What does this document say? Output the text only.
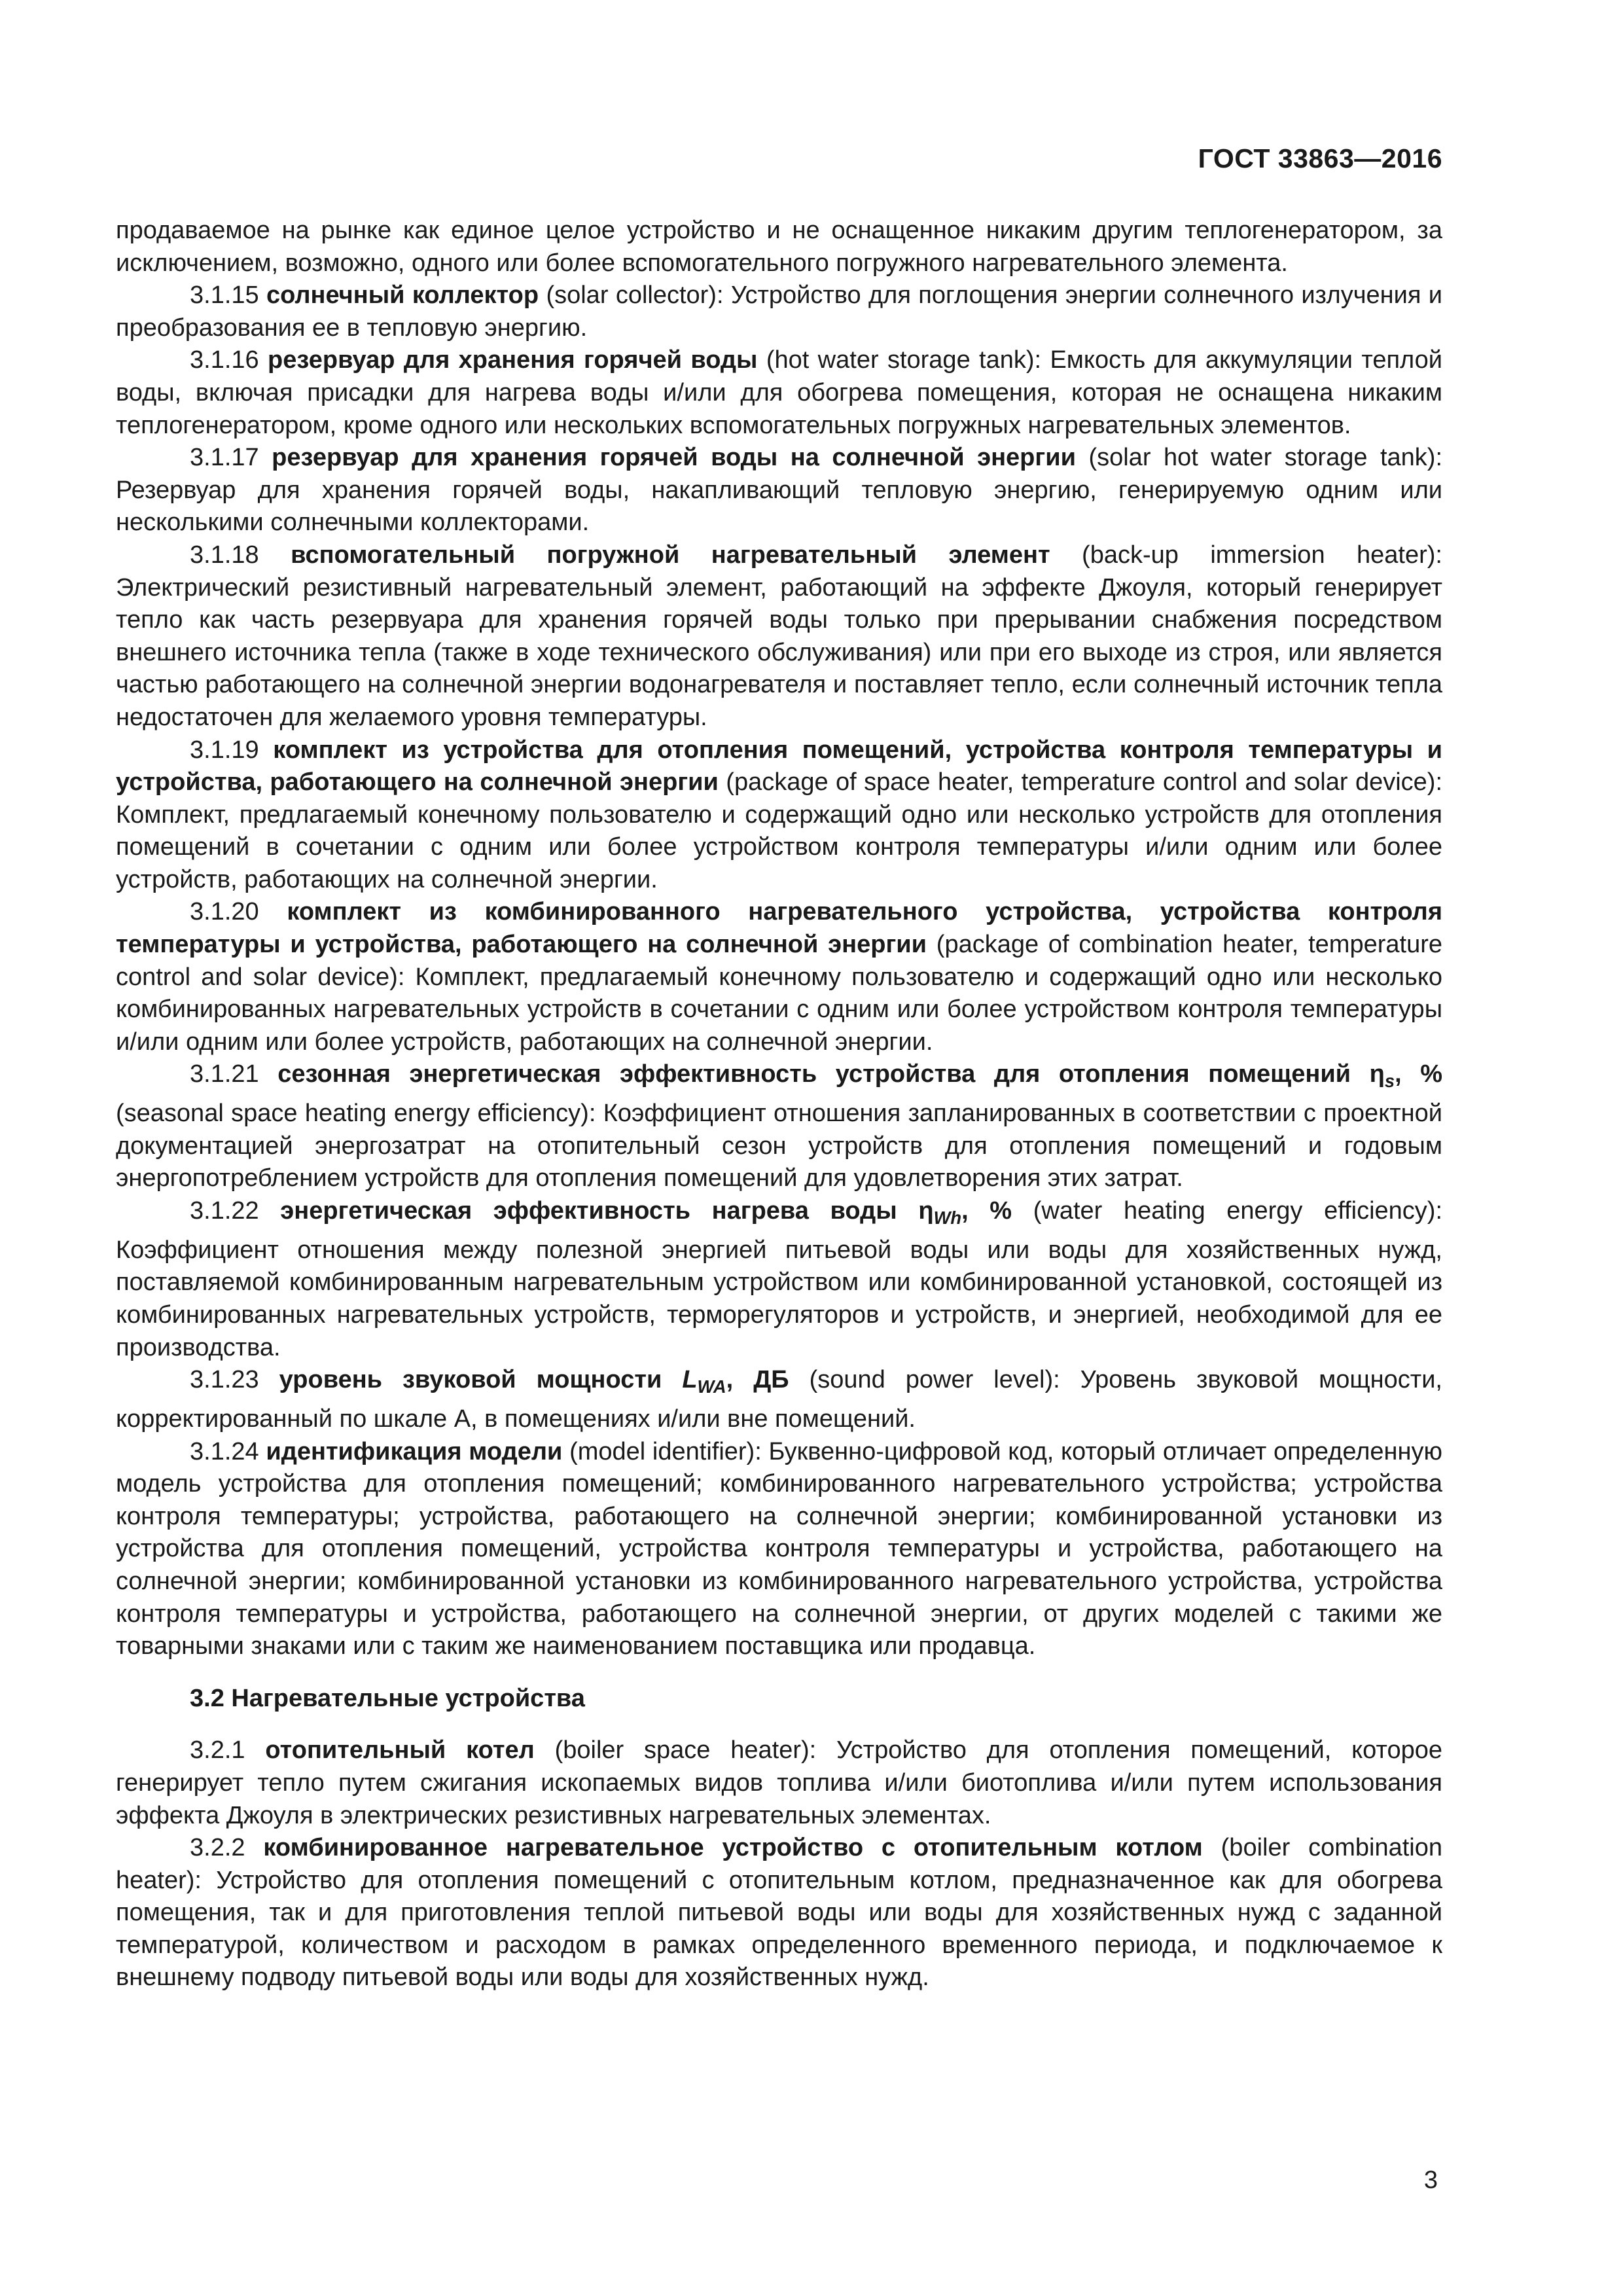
ГОСТ 33863—2016

продаваемое на рынке как единое целое устройство и не оснащенное никаким другим теплогенератором, за исключением, возможно, одного или более вспомогательного погружного нагревательного элемента.

3.1.15 солнечный коллектор (solar collector): Устройство для поглощения энергии солнечного излучения и преобразования ее в тепловую энергию.

3.1.16 резервуар для хранения горячей воды (hot water storage tank): Емкость для аккумуляции теплой воды, включая присадки для нагрева воды и/или для обогрева помещения, которая не оснащена никаким теплогенератором, кроме одного или нескольких вспомогательных погружных нагревательных элементов.

3.1.17 резервуар для хранения горячей воды на солнечной энергии (solar hot water storage tank): Резервуар для хранения горячей воды, накапливающий тепловую энергию, генерируемую одним или несколькими солнечными коллекторами.

3.1.18 вспомогательный погружной нагревательный элемент (back-up immersion heater): Электрический резистивный нагревательный элемент, работающий на эффекте Джоуля, который генерирует тепло как часть резервуара для хранения горячей воды только при прерывании снабжения посредством внешнего источника тепла (также в ходе технического обслуживания) или при его выходе из строя, или является частью работающего на солнечной энергии водонагревателя и поставляет тепло, если солнечный источник тепла недостаточен для желаемого уровня температуры.

3.1.19 комплект из устройства для отопления помещений, устройства контроля температуры и устройства, работающего на солнечной энергии (package of space heater, temperature control and solar device): Комплект, предлагаемый конечному пользователю и содержащий одно или несколько устройств для отопления помещений в сочетании с одним или более устройством контроля температуры и/или одним или более устройств, работающих на солнечной энергии.

3.1.20 комплект из комбинированного нагревательного устройства, устройства контроля температуры и устройства, работающего на солнечной энергии (package of combination heater, temperature control and solar device): Комплект, предлагаемый конечному пользователю и содержащий одно или несколько комбинированных нагревательных устройств в сочетании с одним или более устройством контроля температуры и/или одним или более устройств, работающих на солнечной энергии.

3.1.21 сезонная энергетическая эффективность устройства для отопления помещений $\eta_s$, % (seasonal space heating energy efficiency): Коэффициент отношения запланированных в соответствии с проектной документацией энергозатрат на отопительный сезон устройств для отопления помещений и годовым энергопотреблением устройств для отопления помещений для удовлетворения этих затрат.

3.1.22 энергетическая эффективность нагрева воды $\eta_{Wh}$, % (water heating energy efficiency): Коэффициент отношения между полезной энергией питьевой воды или воды для хозяйственных нужд, поставляемой комбинированным нагревательным устройством или комбинированной установкой, состоящей из комбинированных нагревательных устройств, терморегуляторов и устройств, и энергией, необходимой для ее производства.

3.1.23 уровень звуковой мощности $L_{WA}$, ДБ (sound power level): Уровень звуковой мощности, корректированный по шкале А, в помещениях и/или вне помещений.

3.1.24 идентификация модели (model identifier): Буквенно-цифровой код, который отличает определенную модель устройства для отопления помещений; комбинированного нагревательного устройства; устройства контроля температуры; устройства, работающего на солнечной энергии; комбинированной установки из устройства для отопления помещений, устройства контроля температуры и устройства, работающего на солнечной энергии; комбинированной установки из комбинированного нагревательного устройства, устройства контроля температуры и устройства, работающего на солнечной энергии, от других моделей с такими же товарными знаками или с таким же наименованием поставщика или продавца.

3.2 Нагревательные устройства

3.2.1 отопительный котел (boiler space heater): Устройство для отопления помещений, которое генерирует тепло путем сжигания ископаемых видов топлива и/или биотоплива и/или путем использования эффекта Джоуля в электрических резистивных нагревательных элементах.

3.2.2 комбинированное нагревательное устройство с отопительным котлом (boiler combination heater): Устройство для отопления помещений с отопительным котлом, предназначенное как для обогрева помещения, так и для приготовления теплой питьевой воды или воды для хозяйственных нужд с заданной температурой, количеством и расходом в рамках определенного временного периода, и подключаемое к внешнему подводу питьевой воды или воды для хозяйственных нужд.

3
